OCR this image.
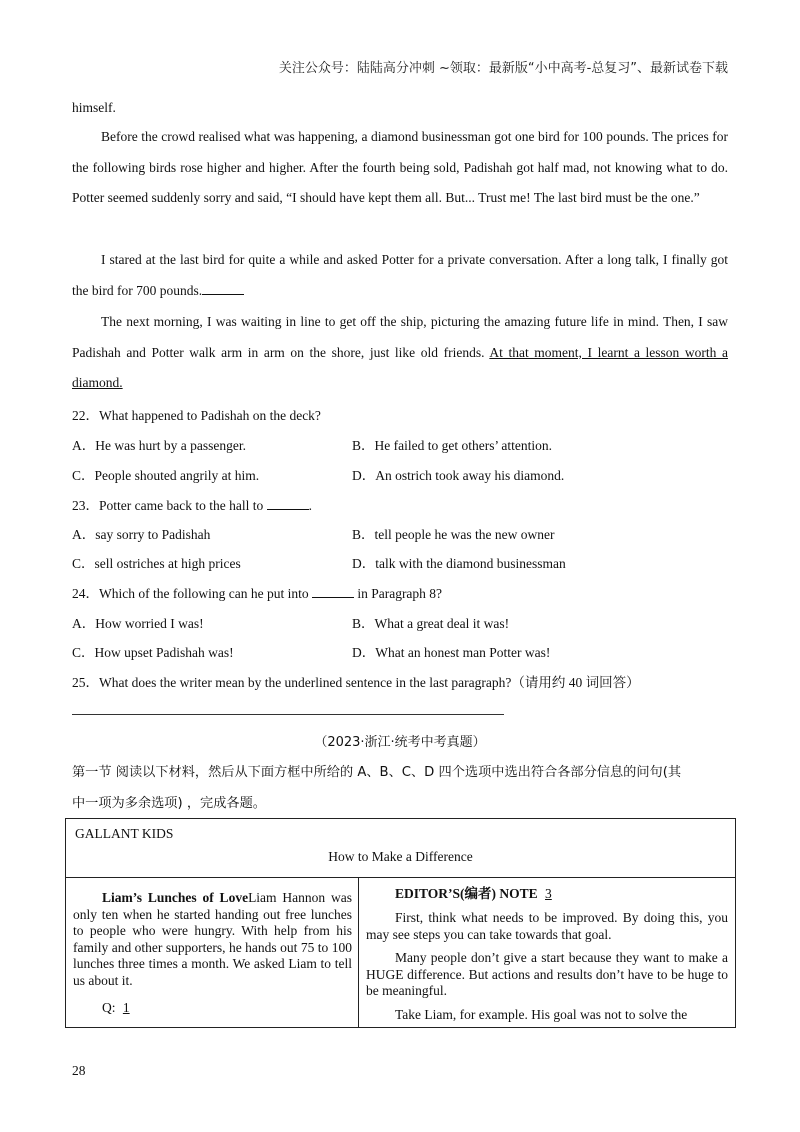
关注公众号：陆陆高分冲刺 ~领取：最新版“小中高考-总复习”、最新试卷下载

himself.

Before the crowd realised what was happening, a diamond businessman got one bird for 100 pounds. The prices for the following birds rose higher and higher. After the fourth being sold, Padishah got half mad, not knowing what to do. Potter seemed suddenly sorry and said, “I should have kept them all. But... Trust me! The last bird must be the one.”

I stared at the last bird for quite a while and asked Potter for a private conversation. After a long talk, I finally got the bird for 700 pounds.

The next morning, I was waiting in line to get off the ship, picturing the amazing future life in mind. Then, I saw Padishah and Potter walk arm in arm on the shore, just like old friends. At that moment, I learnt a lesson worth a diamond.

22．What happened to Padishah on the deck?
A．He was hurt by a passenger.	B．He failed to get others’ attention.
C．People shouted angrily at him.	D．An ostrich took away his diamond.
23．Potter came back to the hall to	.
A．say sorry to Padishah	B．tell people he was the new owner
C．sell ostriches at high prices	D．talk with the diamond businessman
24．Which of the following can he put into	in Paragraph 8?
A．How worried I was!	B．What a great deal it was!
C．How upset Padishah was!	D．What an honest man Potter was!
25．What does the writer mean by the underlined sentence in the last paragraph?（请用约 40 词回答）
（2023·浙江·统考中考真题）
第一节 阅读以下材料，然后从下面方框中所给的 A、B、C、D 四个选项中选出符合各部分信息的问句(其
中一项为多余选项) ，完成各题。
GALLANT KIDS
How to Make a Difference

Liam’s Lunches of LoveLiam Hannon was only ten when he started handing out free lunches to people who were hungry. With help from his family and other supporters, he hands out 75 to 100 lunches three times a month. We asked Liam to tell us about it.

Q: 1
EDITOR’S(编者) NOTE 3

First, think what needs to be improved. By doing this, you may see steps you can take towards that goal.

Many people don’t give a start because they want to make a HUGE difference. But actions and results don’t have to be huge to be meaningful.

Take Liam, for example. His goal was not to solve the

28
